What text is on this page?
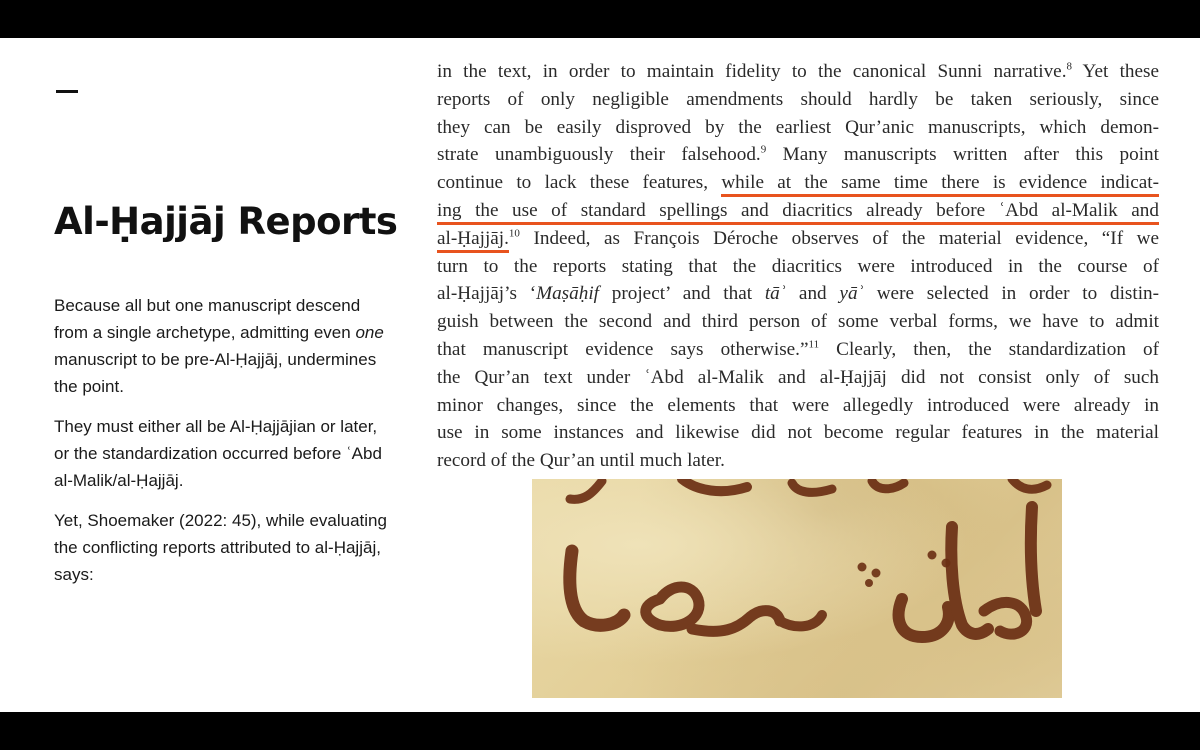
Al-Ḥajjāj Reports

Because all but one manuscript descend from a single archetype, admitting even one manuscript to be pre-Al-Ḥajjāj, undermines the point.

They must either all be Al-Ḥajjājian or later, or the standardization occurred before ʿAbd al-Malik/al-Ḥajjāj.

Yet, Shoemaker (2022: 45), while evaluating the conflicting reports attributed to al-Ḥajjāj, says:

in the text, in order to maintain fidelity to the canonical Sunni narrative.$^8$ Yet these
reports of only negligible amendments should hardly be taken seriously, since
they can be easily disproved by the earliest Qur’anic manuscripts, which demon-
strate unambiguously their falsehood.$^9$ Many manuscripts written after this point
continue to lack these features, while at the same time there is evidence indicat-
ing the use of standard spellings and diacritics already before ʿAbd al-Malik and
al-Ḥajjāj.$^{10}$ Indeed, as François Déroche observes of the material evidence, “If we
turn to the reports stating that the diacritics were introduced in the course of
al-Ḥajjāj’s ‘Maṣāḥif project’ and that tāʾ and yāʾ were selected in order to distin-
guish between the second and third person of some verbal forms, we have to admit
that manuscript evidence says otherwise.”$^{11}$ Clearly, then, the standardization of
the Qur’an text under ʿAbd al-Malik and al-Ḥajjāj did not consist only of such
minor changes, since the elements that were allegedly introduced were already in
use in some instances and likewise did not become regular features in the material
record of the Qur’an until much later.
